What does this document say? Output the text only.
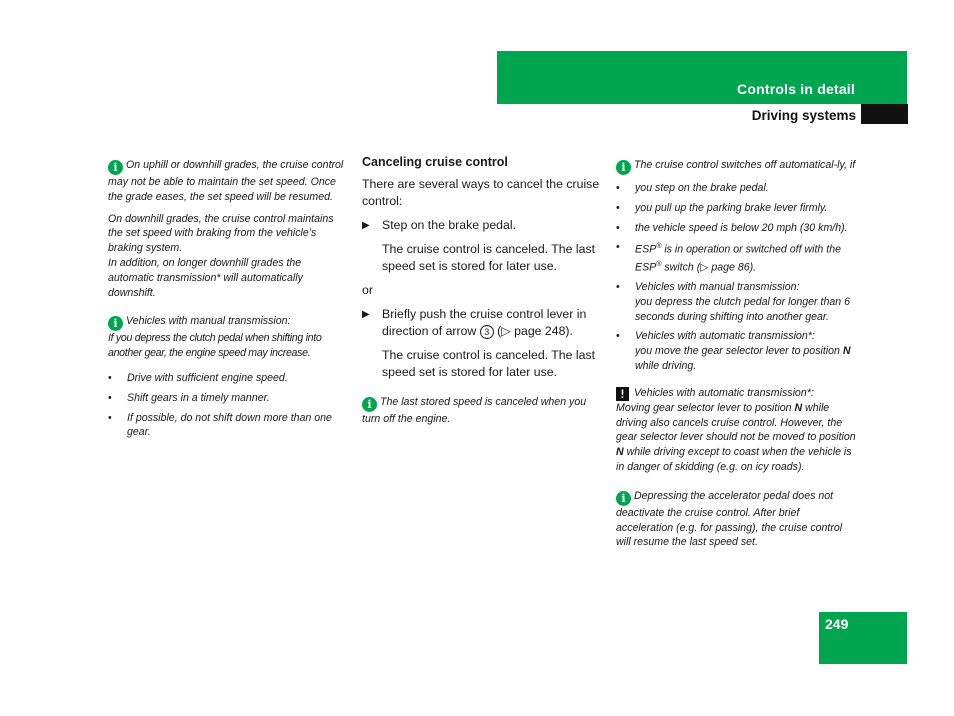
Controls in detail
Driving systems

i On uphill or downhill grades, the cruise control may not be able to maintain the set speed. Once the grade eases, the set speed will be resumed.

On downhill grades, the cruise control maintains the set speed with braking from the vehicle’s braking system.

In addition, on longer downhill grades the automatic transmission* will automatically downshift.

i Vehicles with manual transmission:

If you depress the clutch pedal when shifting into another gear, the engine speed may increase.

• Drive with sufficient engine speed.
• Shift gears in a timely manner.
• If possible, do not shift down more than one gear.
Canceling cruise control
There are several ways to cancel the cruise control:
▶ Step on the brake pedal.
The cruise control is canceled. The last speed set is stored for later use.
or
▶ Briefly push the cruise control lever in direction of arrow 3 (▷ page 248).
The cruise control is canceled. The last speed set is stored for later use.
i The last stored speed is canceled when you turn off the engine.
i The cruise control switches off automatical-ly, if
• you step on the brake pedal.
• you pull up the parking brake lever firmly.
• the vehicle speed is below 20 mph (30 km/h).
• ESP® is in operation or switched off with the ESP® switch (▷ page 86).
• Vehicles with manual transmission:
you depress the clutch pedal for longer than 6 seconds during shifting into another gear.
• Vehicles with automatic transmission*:
you move the gear selector lever to position N while driving.
! Vehicles with automatic transmission*:
Moving gear selector lever to position N while driving also cancels cruise control. However, the gear selector lever should not be moved to position N while driving except to coast when the vehicle is in danger of skidding (e.g. on icy roads).
i Depressing the accelerator pedal does not deactivate the cruise control. After brief acceleration (e.g. for passing), the cruise control will resume the last speed set.
249
